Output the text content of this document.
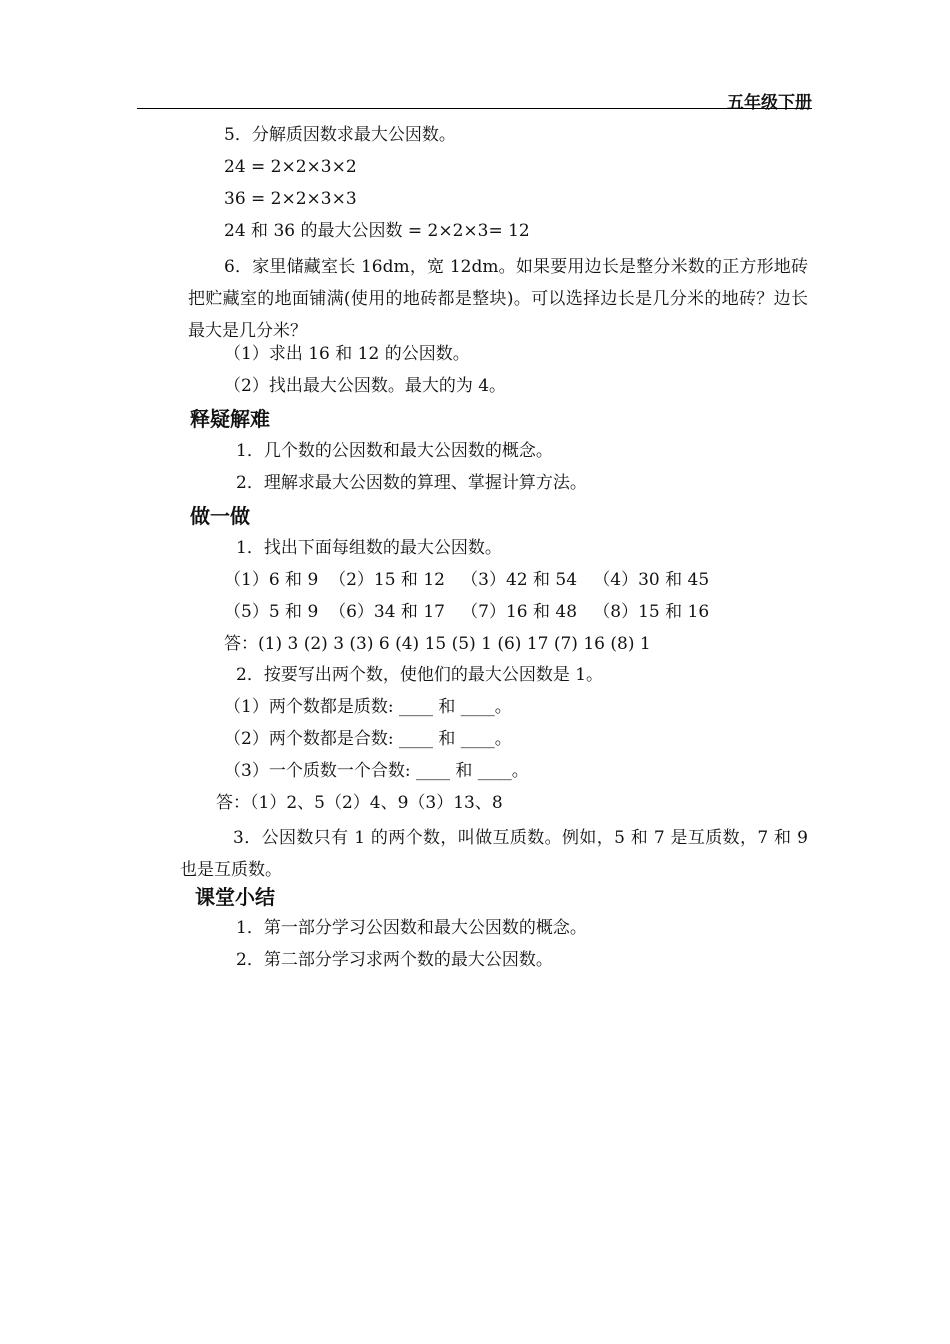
五年级下册
5．分解质因数求最大公因数。
24 = 2×2×3×2
36 = 2×2×3×3
24 和 36 的最大公因数 = 2×2×3= 12
6．家里储藏室长 16dm，宽 12dm。如果要用边长是整分米数的正方形地砖把贮藏室的地面铺满(使用的地砖都是整块)。可以选择边长是几分米的地砖？边长最大是几分米？
（1）求出 16 和 12 的公因数。
（2）找出最大公因数。最大的为 4。
释疑解难
1．几个数的公因数和最大公因数的概念。
2．理解求最大公因数的算理、掌握计算方法。
做一做
1．找出下面每组数的最大公因数。
（1）6 和 9  （2）15 和 12   （3）42 和 54   （4）30 和 45
（5）5 和 9  （6）34 和 17   （7）16 和 48   （8）15 和 16
答：(1) 3 (2) 3 (3) 6 (4) 15 (5) 1 (6) 17 (7) 16 (8) 1
2．按要写出两个数，使他们的最大公因数是 1。
（1）两个数都是质数: ____ 和 ____。
（2）两个数都是合数: ____ 和 ____。
（3）一个质数一个合数: ____ 和 ____。
答：（1）2、5（2）4、9（3）13、8
3．公因数只有 1 的两个数，叫做互质数。例如，5 和 7 是互质数，7 和 9 也是互质数。
课堂小结
1．第一部分学习公因数和最大公因数的概念。
2．第二部分学习求两个数的最大公因数。
